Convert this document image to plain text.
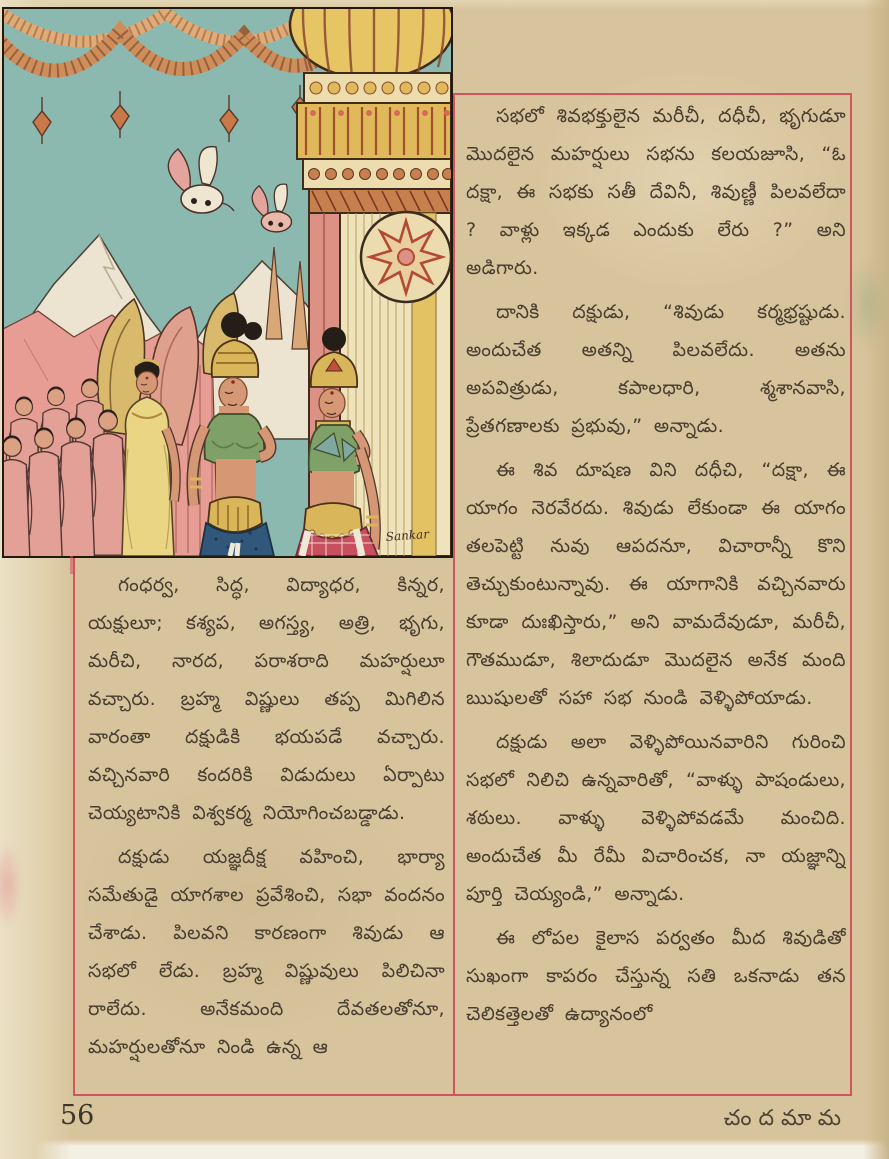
Sankar

సభలో శివభక్తులైన మరీచీ, దధీచీ, భృగుడూ మొదలైన మహర్షులు సభను కలయజూసి, “ఓ దక్షా, ఈ సభకు సతీ దేవినీ, శివుణ్ణీ పిలవలేదా ? వాళ్లు ఇక్కడ ఎందుకు లేరు ?” అని అడిగారు.

దానికి దక్షుడు, “శివుడు కర్మభ్రష్టుడు. అందుచేత అతన్ని పిలవలేదు. అతను అపవిత్రుడు, కపాలధారి, శ్మశానవాసి, ప్రేతగణాలకు ప్రభువు,” అన్నాడు.

ఈ శివ దూషణ విని దధీచి, “దక్షా, ఈ యాగం నెరవేరదు. శివుడు లేకుండా ఈ యాగం తలపెట్టి నువు ఆపదనూ, విచారాన్నీ కొని తెచ్చుకుంటున్నావు. ఈ యాగానికి వచ్చినవారు కూడా దుఃఖిస్తారు,” అని వామదేవుడూ, మరీచీ, గౌతముడూ, శిలాదుడూ మొదలైన అనేక మంది ఋషులతో సహా సభ నుండి వెళ్ళిపోయాడు.

దక్షుడు అలా వెళ్ళిపోయినవారిని గురించి సభలో నిలిచి ఉన్నవారితో, “వాళ్ళు పాషండులు, శఠులు. వాళ్ళు వెళ్ళిపోవడమే మంచిది. అందుచేత మీ రేమీ విచారించక, నా యజ్ఞాన్ని పూర్తి చెయ్యండి,” అన్నాడు.

ఈ లోపల కైలాస పర్వతం మీద శివుడితో సుఖంగా కాపరం చేస్తున్న సతి ఒకనాడు తన చెలికత్తెలతో ఉద్యానంలో

గంధర్వ, సిద్ధ, విద్యాధర, కిన్నర, యక్షులూ; కశ్యప, అగస్త్య, అత్రి, భృగు, మరీచి, నారద, పరాశరాది మహర్షులూ వచ్చారు. బ్రహ్మ విష్ణులు తప్ప మిగిలిన వారంతా దక్షుడికి భయపడే వచ్చారు. వచ్చినవారి కందరికి విడుదులు ఏర్పాటు చెయ్యటానికి విశ్వకర్మ నియోగించబడ్డాడు.

దక్షుడు యజ్ఞదీక్ష వహించి, భార్యా సమేతుడై యాగశాల ప్రవేశించి, సభా వందనం చేశాడు. పిలవని కారణంగా శివుడు ఆ సభలో లేడు. బ్రహ్మ విష్ణువులు పిలిచినా రాలేదు. అనేకమంది దేవతలతోనూ, మహర్షులతోనూ నిండి ఉన్న ఆ

56	చందమామ
